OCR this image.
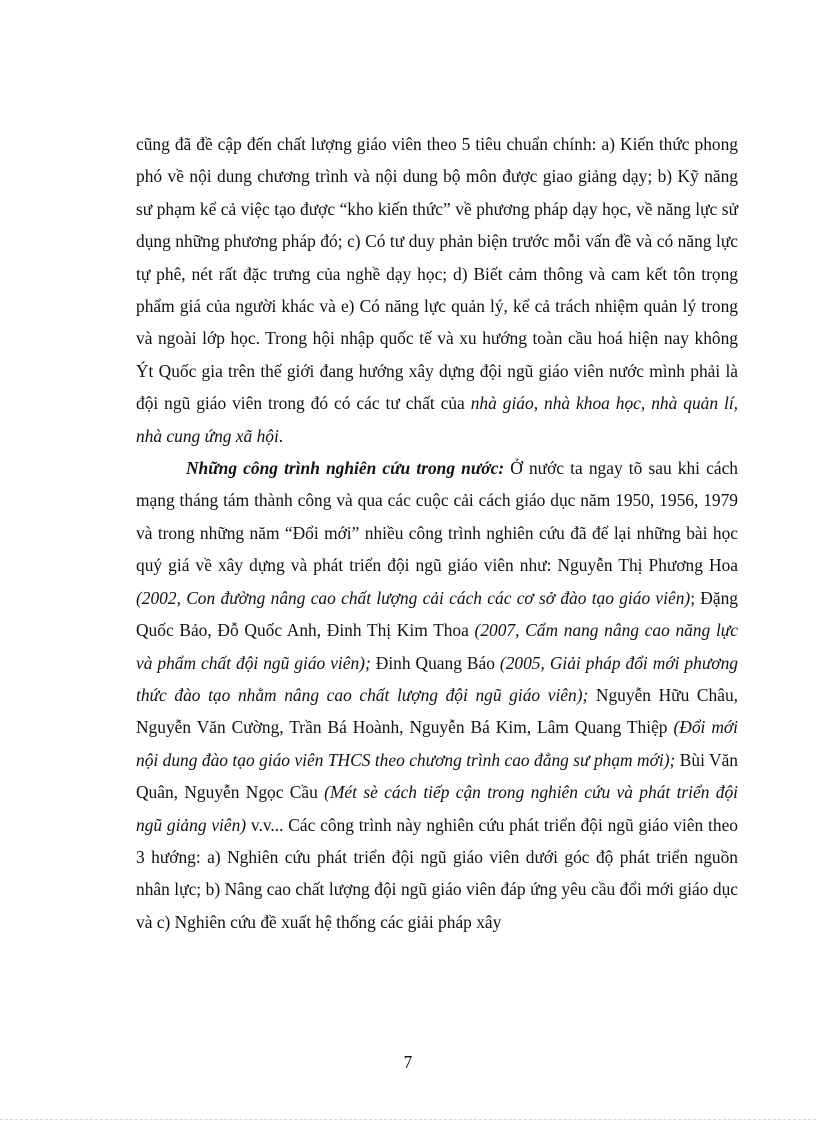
cũng đã đề cập đến chất lượng giáo viên theo 5 tiêu chuẩn chính: a) Kiến thức phong phó về nội dung chương trình và nội dung bộ môn được giao giảng dạy; b) Kỹ năng sư phạm kể cả việc tạo được “kho kiến thức” về phương pháp dạy học, về năng lực sử dụng những phương pháp đó; c) Có tư duy phản biện trước mỗi vấn đề và có năng lực tự phê, nét rất đặc trưng của nghề dạy học; d) Biết cảm thông và cam kết tôn trọng phẩm giá của người khác và e) Có năng lực quản lý, kể cả trách nhiệm quản lý trong và ngoài lớp học. Trong hội nhập quốc tế và xu hướng toàn cầu hoá hiện nay không Ýt Quốc gia trên thế giới đang hướng xây dựng đội ngũ giáo viên nước mình phải là đội ngũ giáo viên trong đó có các tư chất của nhà giáo, nhà khoa học, nhà quản lí, nhà cung ứng xã hội.

Những công trình nghiên cứu trong nước: Ở nước ta ngay tõ sau khi cách mạng tháng tám thành công và qua các cuộc cải cách giáo dục năm 1950, 1956, 1979 và trong những năm “Đổi mới” nhiều công trình nghiên cứu đã để lại những bài học quý giá về xây dựng và phát triển đội ngũ giáo viên như: Nguyễn Thị Phương Hoa (2002, Con đường nâng cao chất lượng cải cách các cơ sở đào tạo giáo viên); Đặng Quốc Bảo, Đỗ Quốc Anh, Đinh Thị Kim Thoa (2007, Cẩm nang nâng cao năng lực và phẩm chất đội ngũ giáo viên); Đinh Quang Báo (2005, Giải pháp đổi mới phương thức đào tạo nhằm nâng cao chất lượng đội ngũ giáo viên); Nguyễn Hữu Châu, Nguyễn Văn Cường, Trần Bá Hoành, Nguyễn Bá Kim, Lâm Quang Thiệp (Đổi mới nội dung đào tạo giáo viên THCS theo chương trình cao đẳng sư phạm mới); Bùi Văn Quân, Nguyễn Ngọc Cầu (Mét sè cách tiếp cận trong nghiên cứu và phát triển đội ngũ giảng viên) v.v... Các công trình này nghiên cứu phát triển đội ngũ giáo viên theo 3 hướng: a) Nghiên cứu phát triển đội ngũ giáo viên dưới góc độ phát triển nguồn nhân lực; b) Nâng cao chất lượng đội ngũ giáo viên đáp ứng yêu cầu đổi mới giáo dục và c) Nghiên cứu đề xuất hệ thống các giải pháp xây

7
